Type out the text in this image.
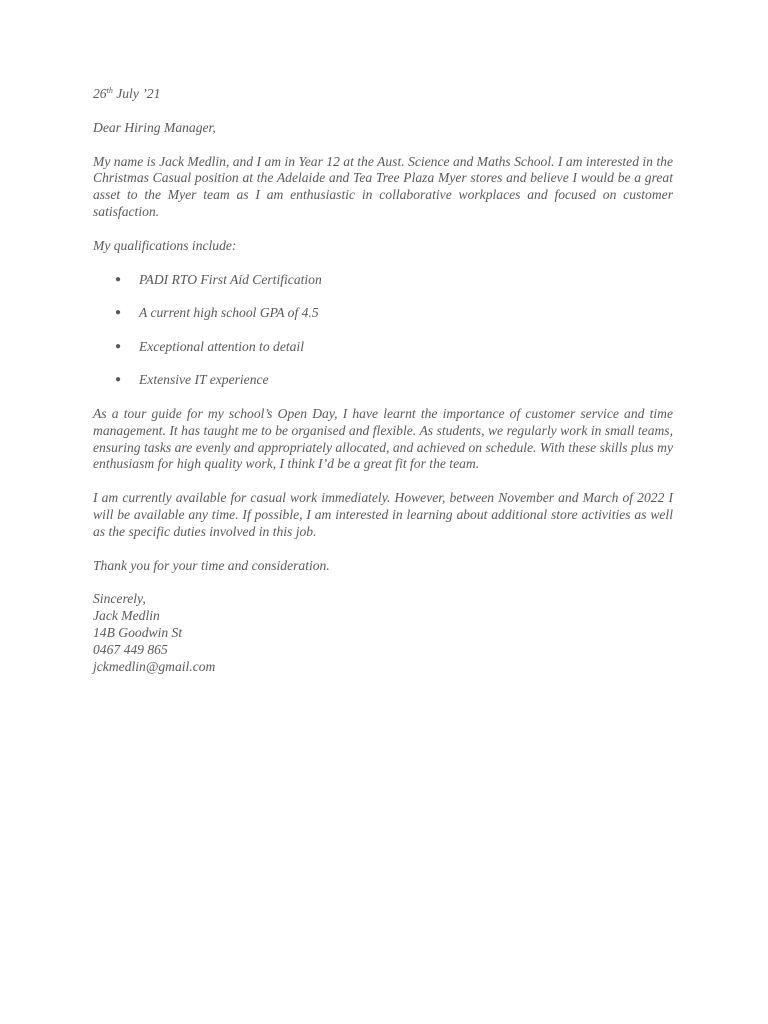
26th July ’21

Dear Hiring Manager,

My name is Jack Medlin, and I am in Year 12 at the Aust. Science and Maths School. I am interested in the Christmas Casual position at the Adelaide and Tea Tree Plaza Myer stores and believe I would be a great asset to the Myer team as I am enthusiastic in collaborative workplaces and focused on customer satisfaction.

My qualifications include:

● PADI RTO First Aid Certification
● A current high school GPA of 4.5
● Exceptional attention to detail
● Extensive IT experience

As a tour guide for my school’s Open Day, I have learnt the importance of customer service and time management. It has taught me to be organised and flexible. As students, we regularly work in small teams, ensuring tasks are evenly and appropriately allocated, and achieved on schedule. With these skills plus my enthusiasm for high quality work, I think I’d be a great fit for the team.

I am currently available for casual work immediately. However, between November and March of 2022 I will be available any time. If possible, I am interested in learning about additional store activities as well as the specific duties involved in this job.

Thank you for your time and consideration.

Sincerely,

Jack Medlin

14B Goodwin St

0467 449 865

jckmedlin@gmail.com
